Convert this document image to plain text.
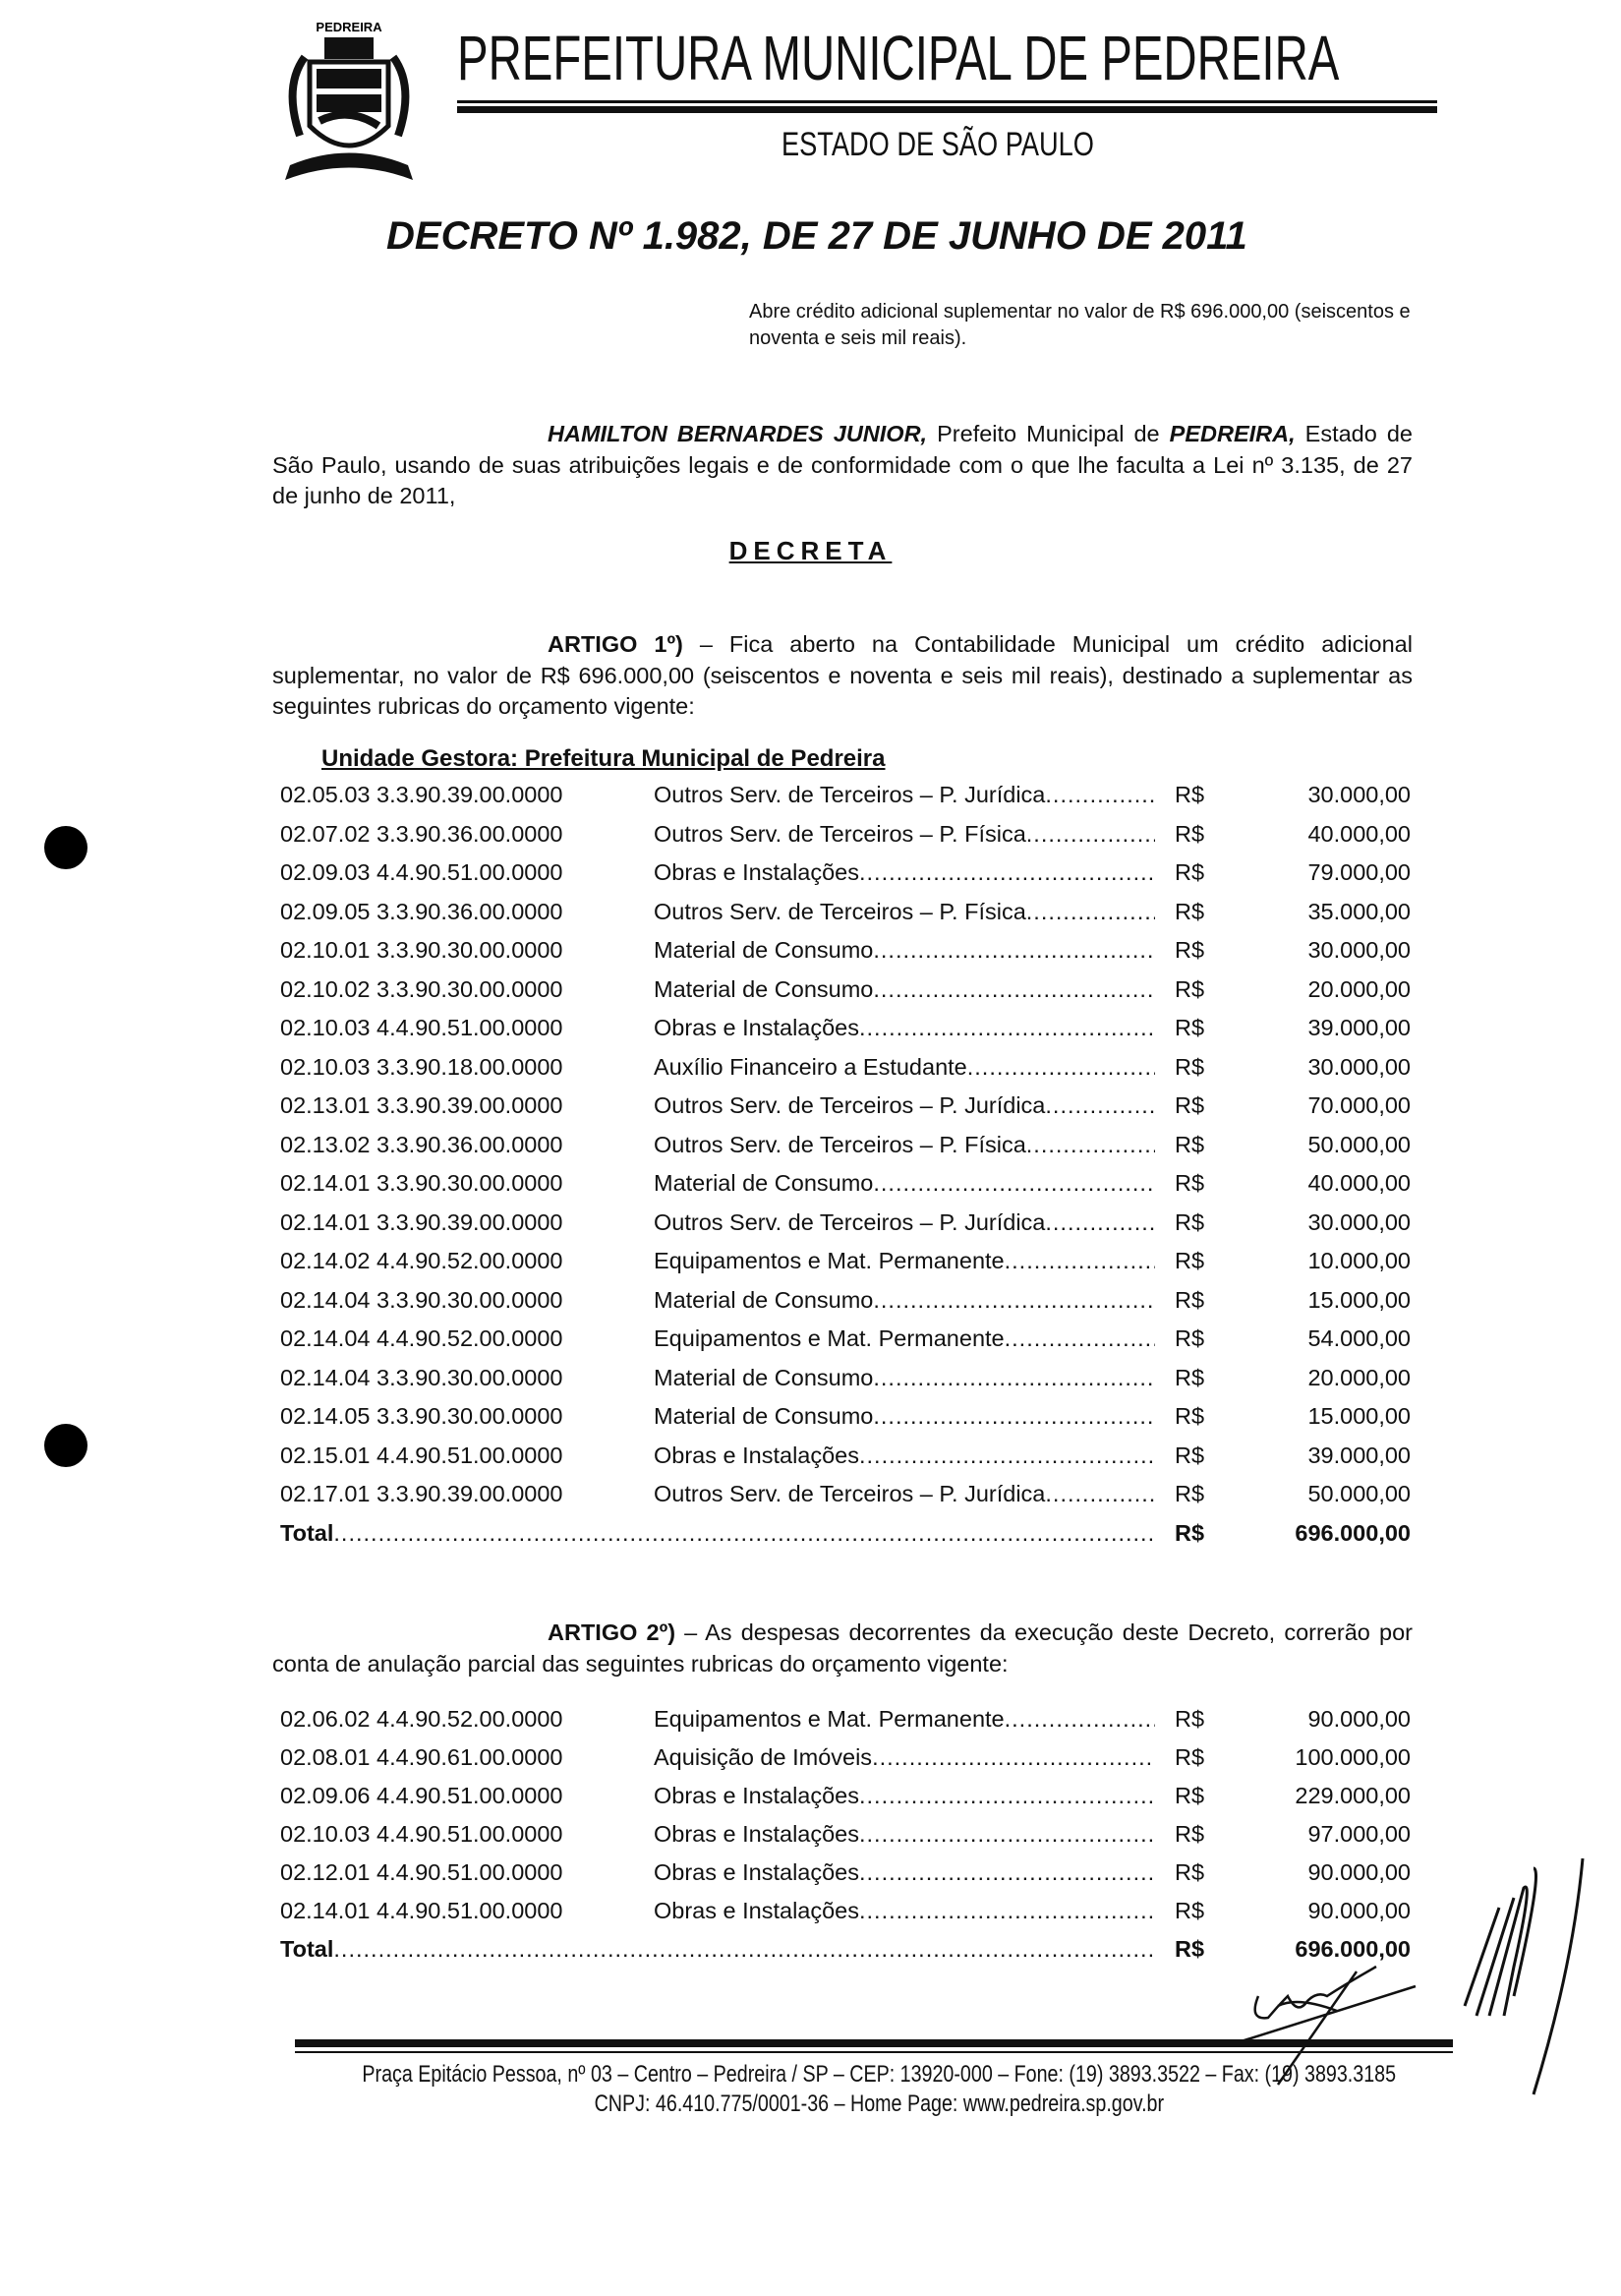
PEDREIRA PREFEITURA MUNICIPAL DE PEDREIRA
ESTADO DE SÃO PAULO
DECRETO Nº 1.982, DE 27 DE JUNHO DE 2011
Abre crédito adicional suplementar no valor de R$ 696.000,00 (seiscentos e noventa e seis mil reais).
HAMILTON BERNARDES JUNIOR, Prefeito Municipal de PEDREIRA, Estado de São Paulo, usando de suas atribuições legais e de conformidade com o que lhe faculta a Lei nº 3.135, de 27 de junho de 2011,
DECRETA
ARTIGO 1º) – Fica aberto na Contabilidade Municipal um crédito adicional suplementar, no valor de R$ 696.000,00 (seiscentos e noventa e seis mil reais), destinado a suplementar as seguintes rubricas do orçamento vigente:
Unidade Gestora: Prefeitura Municipal de Pedreira
02.05.03 3.3.90.39.00.0000	Outros Serv. de Terceiros – P. Jurídica .....	R$	30.000,00
02.07.02 3.3.90.36.00.0000	Outros Serv. de Terceiros – P. Física .....	R$	40.000,00
02.09.03 4.4.90.51.00.0000	Obras e Instalações .....	R$	79.000,00
02.09.05 3.3.90.36.00.0000	Outros Serv. de Terceiros – P. Física .....	R$	35.000,00
02.10.01 3.3.90.30.00.0000	Material de Consumo .....	R$	30.000,00
02.10.02 3.3.90.30.00.0000	Material de Consumo .....	R$	20.000,00
02.10.03 4.4.90.51.00.0000	Obras e Instalações .....	R$	39.000,00
02.10.03 3.3.90.18.00.0000	Auxílio Financeiro a Estudante .....	R$	30.000,00
02.13.01 3.3.90.39.00.0000	Outros Serv. de Terceiros – P. Jurídica .....	R$	70.000,00
02.13.02 3.3.90.36.00.0000	Outros Serv. de Terceiros – P. Física .....	R$	50.000,00
02.14.01 3.3.90.30.00.0000	Material de Consumo .....	R$	40.000,00
02.14.01 3.3.90.39.00.0000	Outros Serv. de Terceiros – P. Jurídica .....	R$	30.000,00
02.14.02 4.4.90.52.00.0000	Equipamentos e Mat. Permanente .....	R$	10.000,00
02.14.04 3.3.90.30.00.0000	Material de Consumo .....	R$	15.000,00
02.14.04 4.4.90.52.00.0000	Equipamentos e Mat. Permanente .....	R$	54.000,00
02.14.04 3.3.90.30.00.0000	Material de Consumo .....	R$	20.000,00
02.14.05 3.3.90.30.00.0000	Material de Consumo .....	R$	15.000,00
02.15.01 4.4.90.51.00.0000	Obras e Instalações .....	R$	39.000,00
02.17.01 3.3.90.39.00.0000	Outros Serv. de Terceiros – P. Jurídica .....	R$	50.000,00
Total .....	R$	696.000,00
02.06.02 4.4.90.52.00.0000	Equipamentos e Mat. Permanente .....	R$	90.000,00
02.08.01 4.4.90.61.00.0000	Aquisição de Imóveis .....	R$	100.000,00
02.09.06 4.4.90.51.00.0000	Obras e Instalações .....	R$	229.000,00
02.10.03 4.4.90.51.00.0000	Obras e Instalações .....	R$	97.000,00
02.12.01 4.4.90.51.00.0000	Obras e Instalações .....	R$	90.000,00
02.14.01 4.4.90.51.00.0000	Obras e Instalações .....	R$	90.000,00
Total .....	R$	696.000,00
ARTIGO 2º) – As despesas decorrentes da execução deste Decreto, correrão por conta de anulação parcial das seguintes rubricas do orçamento vigente:
Praça Epitácio Pessoa, nº 03 – Centro – Pedreira / SP – CEP: 13920-000 – Fone: (19) 3893.3522 – Fax: (19) 3893.3185
CNPJ: 46.410.775/0001-36 – Home Page: www.pedreira.sp.gov.br
